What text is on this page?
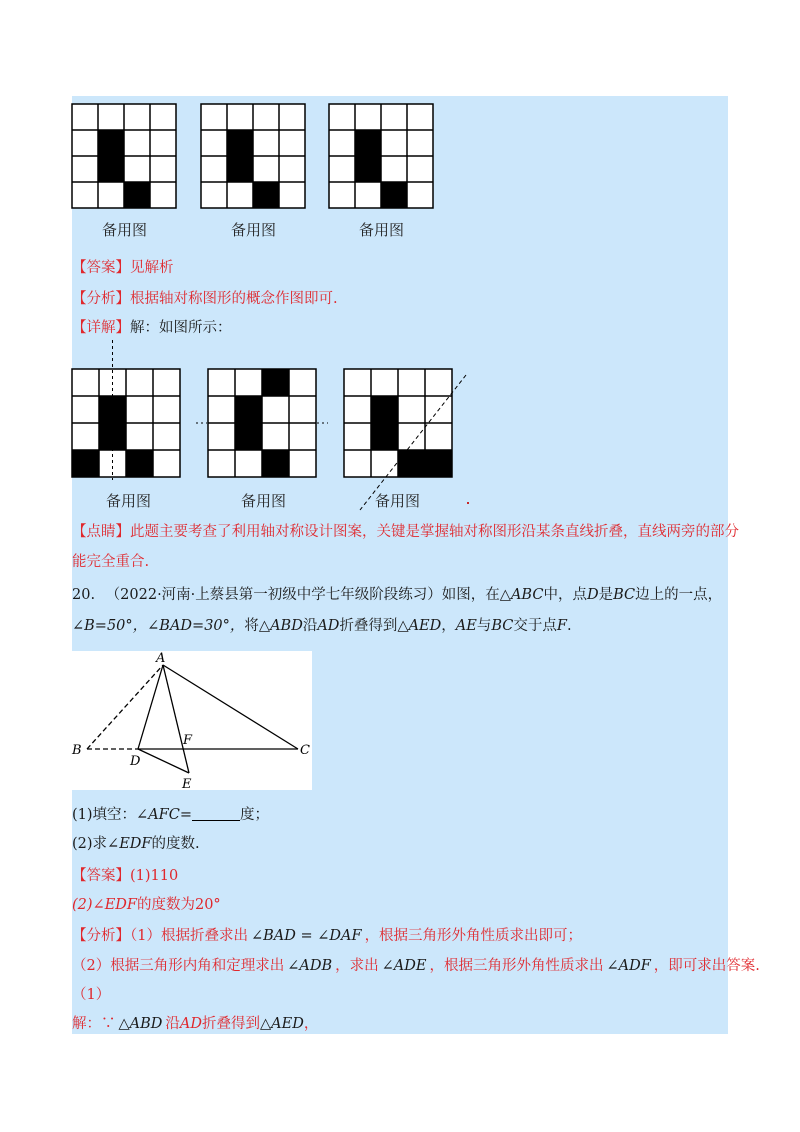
备用图	备用图	备用图
【答案】见解析
【分析】根据轴对称图形的概念作图即可.
【详解】解：如图所示：
备用图	备用图	备用图
【点睛】此题主要考查了利用轴对称设计图案，关键是掌握轴对称图形沿某条直线折叠，直线两旁的部分
能完全重合.
20. （2022·河南·上蔡县第一初级中学七年级阶段练习）如图，在△ABC中，点D是BC边上的一点，
∠B=50°，∠BAD=30°，将△ABD沿AD折叠得到△AED，AE与BC交于点F.
A
B	C
D
E
F
(1)填空：∠AFC=	度；
(2)求∠EDF的度数.
【答案】(1)110
(2)∠EDF的度数为20°
【分析】（1）根据折叠求出 ∠BAD = ∠DAF ，根据三角形外角性质求出即可；
（2）根据三角形内角和定理求出 ∠ADB ，求出 ∠ADE ，根据三角形外角性质求出 ∠ADF ，即可求出答案.
（1）
解：∵ △ABD 沿AD折叠得到△AED，
